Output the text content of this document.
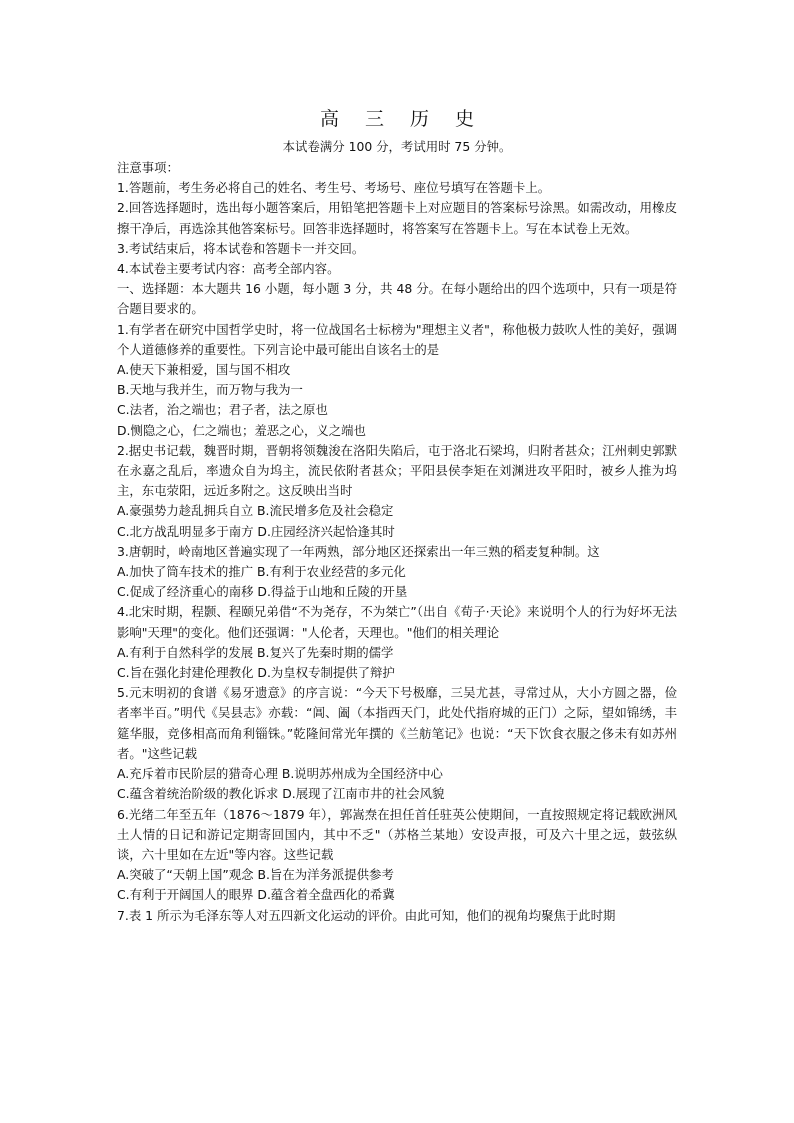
高 三 历 史
本试卷满分 100 分，考试用时 75 分钟。
注意事项：
1.答题前，考生务必将自己的姓名、考生号、考场号、座位号填写在答题卡上。
2.回答选择题时，选出每小题答案后，用铅笔把答题卡上对应题目的答案标号涂黑。如需改动，用橡皮擦干净后，再选涂其他答案标号。回答非选择题时，将答案写在答题卡上。写在本试卷上无效。
3.考试结束后，将本试卷和答题卡一并交回。
4.本试卷主要考试内容：高考全部内容。
一、选择题：本大题共 16 小题，每小题 3 分，共 48 分。在每小题给出的四个选项中，只有一项是符合题目要求的。
1.有学者在研究中国哲学史时，将一位战国名士标榜为"理想主义者"，称他极力鼓吹人性的美好，强调个人道德修养的重要性。下列言论中最可能出自该名士的是
A.使天下兼相爱，国与国不相攻
B.天地与我并生，而万物与我为一
C.法者，治之端也；君子者，法之原也
D.恻隐之心，仁之端也；羞恶之心，义之端也
2.据史书记载，魏晋时期，晋朝将领魏浚在洛阳失陷后，屯于洛北石梁坞，归附者甚众；江州刺史郭默在永嘉之乱后，率遗众自为坞主，流民依附者甚众；平阳县侯李矩在刘渊进攻平阳时，被乡人推为坞主，东屯荥阳，远近多附之。这反映出当时
A.豪强势力趁乱拥兵自立 B.流民增多危及社会稳定
C.北方战乱明显多于南方 D.庄园经济兴起恰逢其时
3.唐朝时，岭南地区普遍实现了一年两熟，部分地区还探索出一年三熟的稻麦复种制。这
A.加快了筒车技术的推广 B.有利于农业经营的多元化
C.促成了经济重心的南移 D.得益于山地和丘陵的开垦
4.北宋时期，程颢、程颐兄弟借“不为尧存，不为桀亡”（出自《荀子·天论》来说明个人的行为好坏无法影响"天理"的变化。他们还强调："人伦者，天理也。"他们的相关理论
A.有利于自然科学的发展 B.复兴了先秦时期的儒学
C.旨在强化封建伦理教化 D.为皇权专制提供了辩护
5.元末明初的食谱《易牙遗意》的序言说：“今天下号极靡，三吴尤甚，寻常过从，大小方圆之器，俭者率半百。”明代《吴县志》亦载：“阊、阖（本指西天门，此处代指府城的正门）之际，望如锦绣，丰筵华服，竞侈相高而角利锱铢。”乾隆间常光年撰的《兰舫笔记》也说：“天下饮食衣服之侈未有如苏州者。"这些记载
A.充斥着市民阶层的猎奇心理 B.说明苏州成为全国经济中心
C.蕴含着统治阶级的教化诉求 D.展现了江南市井的社会风貌
6.光绪二年至五年（1876～1879 年），郭嵩焘在担任首任驻英公使期间，一直按照规定将记载欧洲风土人情的日记和游记定期寄回国内，其中不乏"（苏格兰某地）安设声报，可及六十里之远，鼓弦纵谈，六十里如在左近"等内容。这些记载
A.突破了“天朝上国”观念 B.旨在为洋务派提供参考
C.有利于开阔国人的眼界 D.蕴含着全盘西化的希冀
7.表 1 所示为毛泽东等人对五四新文化运动的评价。由此可知，他们的视角均聚焦于此时期
